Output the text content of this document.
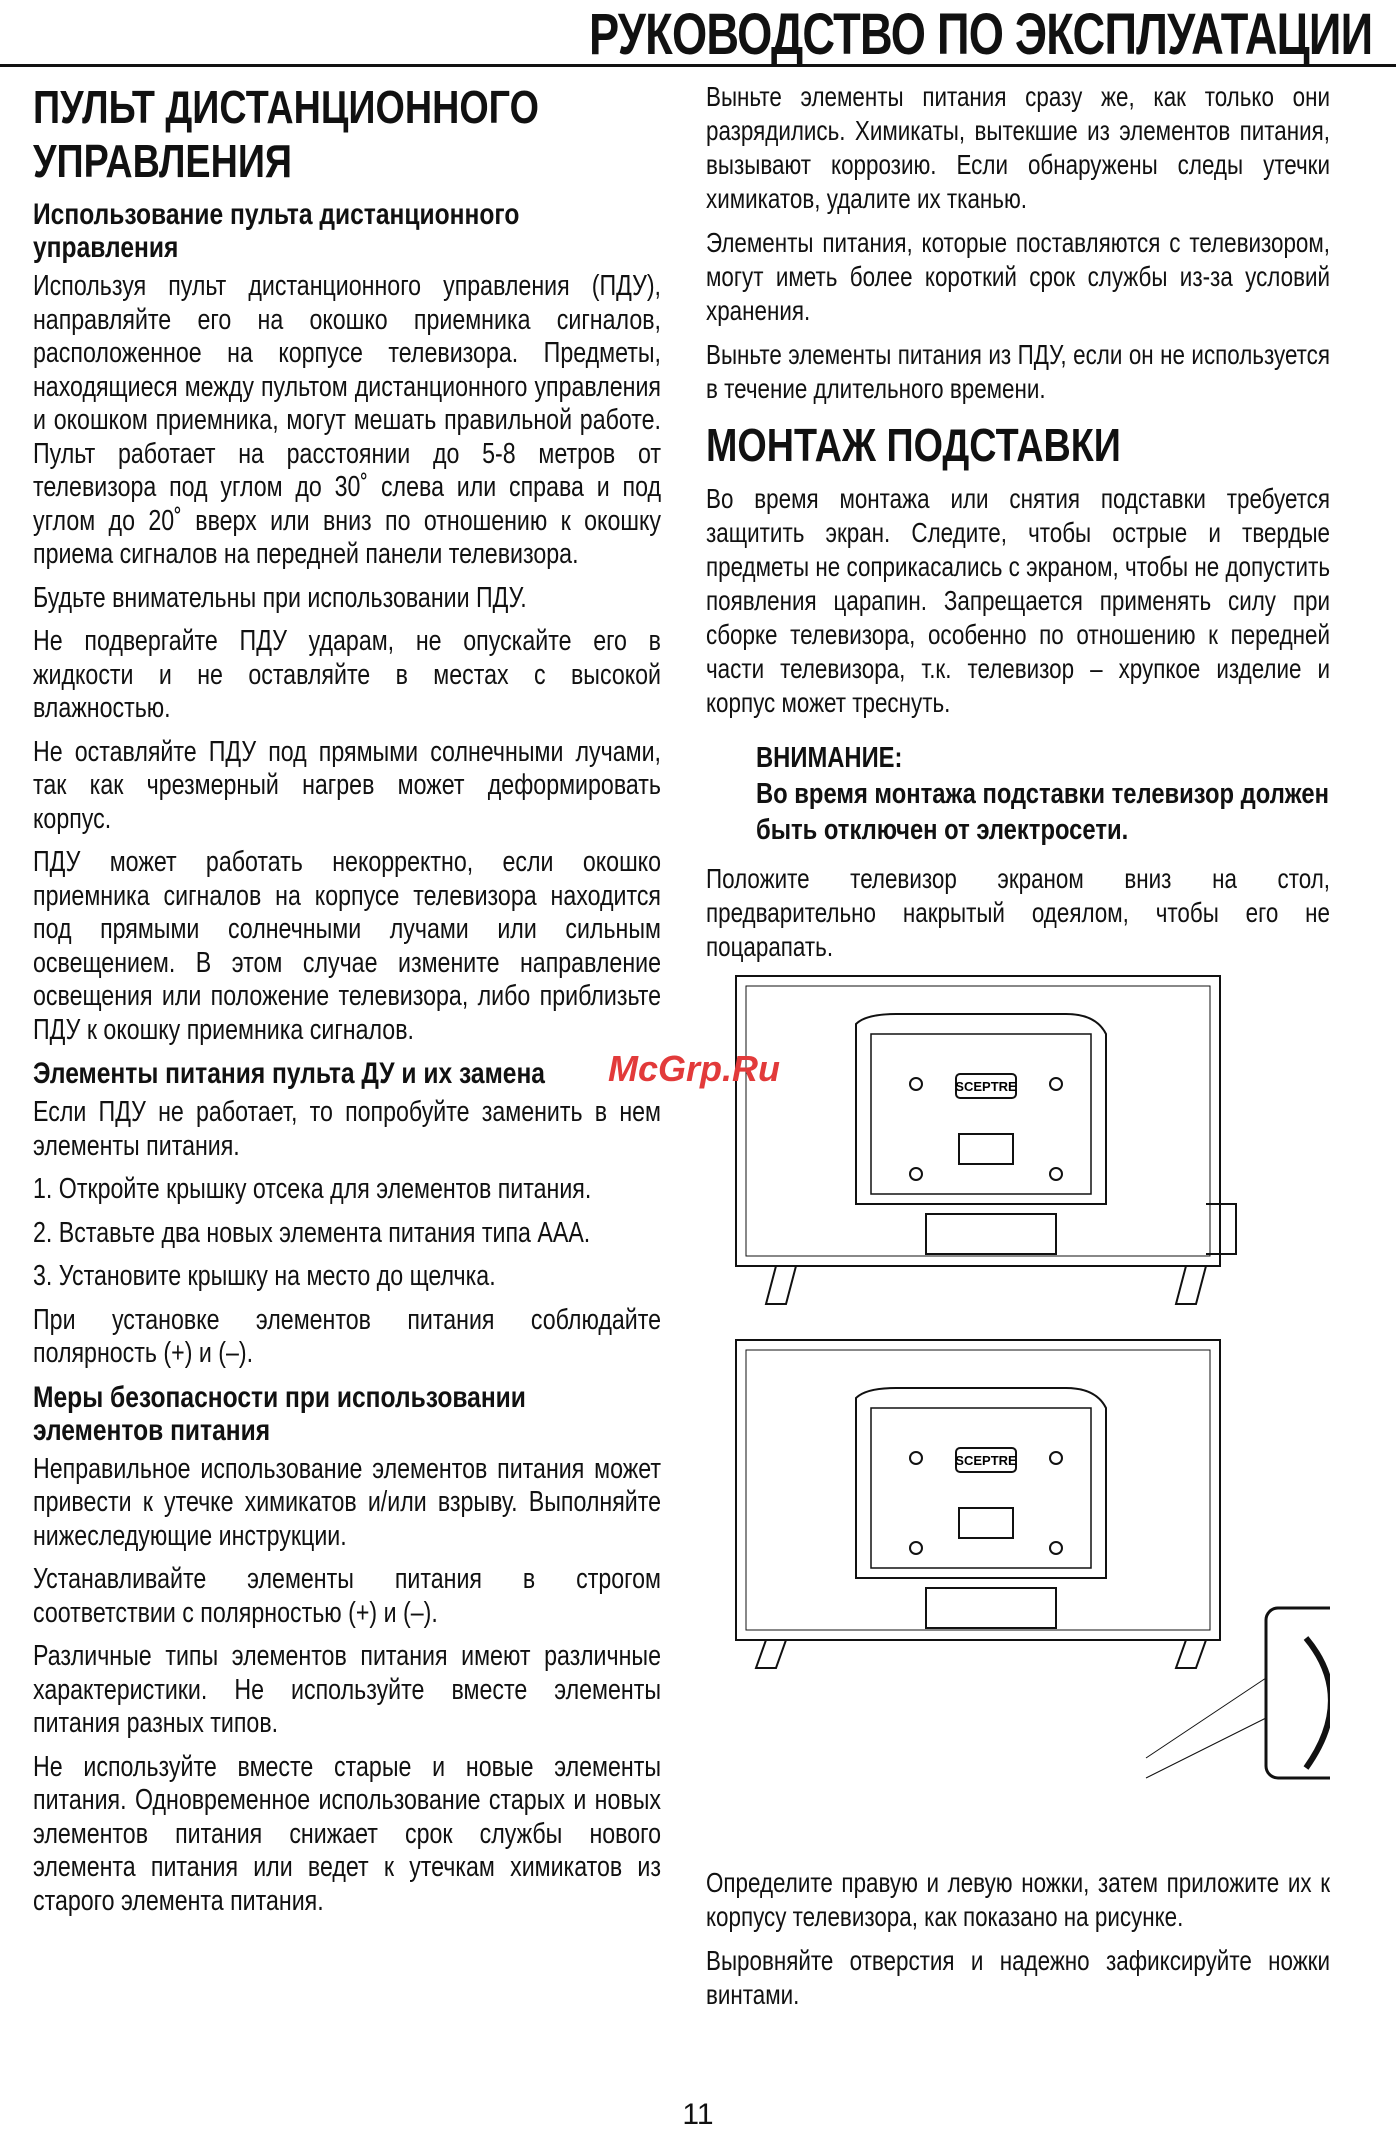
РУКОВОДСТВО ПО ЭКСПЛУАТАЦИИ
ПУЛЬТ ДИСТАНЦИОННОГО
УПРАВЛЕНИЯ
Использование пульта дистанционного управления
Используя пульт дистанционного управления (ПДУ), направляйте его на окошко приемника сигналов, расположенное на корпусе телевизора. Предметы, находящиеся между пультом дистанционного управления и окошком приемника, могут мешать правильной работе. Пульт работает на расстоянии до 5-8 метров от телевизора под углом до 30˚ слева или справа и под углом до 20˚ вверх или вниз по отношению к окошку приема сигналов на передней панели телевизора.
Будьте внимательны при использовании ПДУ.
Не подвергайте ПДУ ударам, не опускайте его в жидкости и не оставляйте в местах с высокой влажностью.
Не оставляйте ПДУ под прямыми солнечными лучами, так как чрезмерный нагрев может деформировать корпус.
ПДУ может работать некорректно, если окошко приемника сигналов на корпусе телевизора находится под прямыми солнечными лучами или сильным освещением. В этом случае измените направление освещения или положение телевизора, либо приблизьте ПДУ к окошку приемника сигналов.
Элементы питания пульта ДУ и их замена
Если ПДУ не работает, то попробуйте заменить в нем элементы питания.
1. Откройте крышку отсека для элементов питания.
2. Вставьте два новых элемента питания типа AAA.
3. Установите крышку на место до щелчка.
При установке элементов питания соблюдайте полярность (+) и (–).
Меры безопасности при использовании элементов питания
Неправильное использование элементов питания может привести к утечке химикатов и/или взрыву. Выполняйте нижеследующие инструкции.
Устанавливайте элементы питания в строгом соответствии с полярностью (+) и (–).
Различные типы элементов питания имеют различные характеристики. Не используйте вместе элементы питания разных типов.
Не используйте вместе старые и новые элементы питания. Одновременное использование старых и новых элементов питания снижает срок службы нового элемента питания или ведет к утечкам химикатов из старого элемента питания.
Выньте элементы питания сразу же, как только они разрядились. Химикаты, вытекшие из элементов питания, вызывают коррозию. Если обнаружены следы утечки химикатов, удалите их тканью.
Элементы питания, которые поставляются с телевизором, могут иметь более короткий срок службы из-за условий хранения.
Выньте элементы питания из ПДУ, если он не используется в течение длительного времени.
МОНТАЖ ПОДСТАВКИ
Во время монтажа или снятия подставки требуется защитить экран. Следите, чтобы острые и твердые предметы не соприкасались с экраном, чтобы не допустить появления царапин. Запрещается применять силу при сборке телевизора, особенно по отношению к передней части телевизора, т.к. телевизор – хрупкое изделие и корпус может треснуть.
ВНИМАНИЕ:
Во время монтажа подставки телевизор должен быть отключен от электросети.
Положите телевизор экраном вниз на стол, предварительно накрытый одеялом, чтобы его не поцарапать.
SCEPTRE
SCEPTRE
Определите правую и левую ножки, затем приложите их к корпусу телевизора, как показано на рисунке.
Выровняйте отверстия и надежно зафиксируйте ножки винтами.
McGrp.Ru
11
